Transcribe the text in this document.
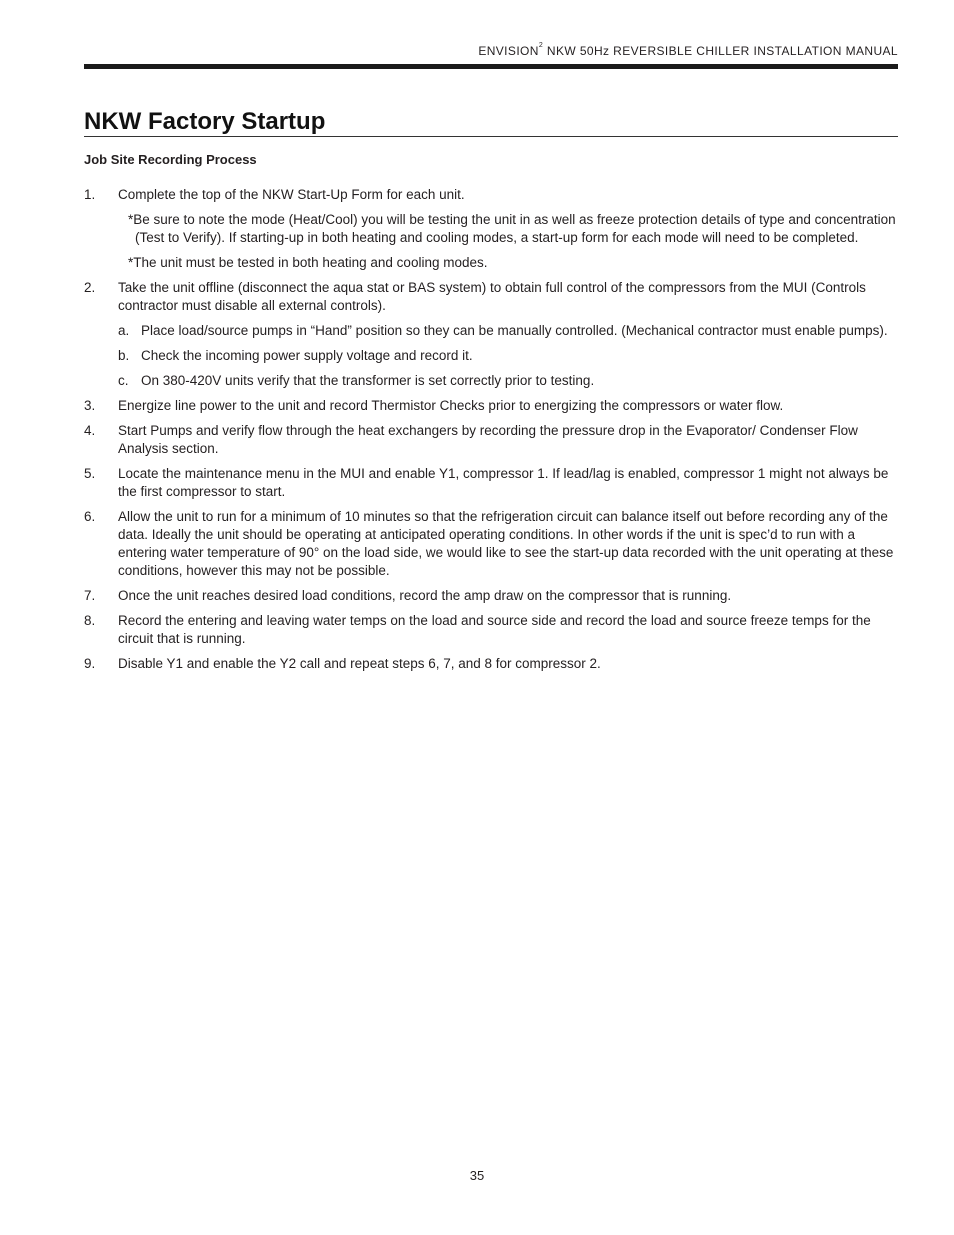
ENVISION$^2$ NKW 50Hz REVERSIBLE CHILLER INSTALLATION MANUAL
NKW Factory Startup
Job Site Recording Process
1. Complete the top of the NKW Start-Up Form for each unit.
*Be sure to note the mode (Heat/Cool) you will be testing the unit in as well as freeze protection details of type and concentration (Test to Verify). If starting-up in both heating and cooling modes, a start-up form for each mode will need to be completed.
*The unit must be tested in both heating and cooling modes.
2. Take the unit offline (disconnect the aqua stat or BAS system) to obtain full control of the compressors from the MUI (Controls contractor must disable all external controls).
a. Place load/source pumps in “Hand” position so they can be manually controlled. (Mechanical contractor must enable pumps).
b. Check the incoming power supply voltage and record it.
c. On 380-420V units verify that the transformer is set correctly prior to testing.
3. Energize line power to the unit and record Thermistor Checks prior to energizing the compressors or water flow.
4. Start Pumps and verify flow through the heat exchangers by recording the pressure drop in the Evaporator/ Condenser Flow Analysis section.
5. Locate the maintenance menu in the MUI and enable Y1, compressor 1. If lead/lag is enabled, compressor 1 might not always be the first compressor to start.
6. Allow the unit to run for a minimum of 10 minutes so that the refrigeration circuit can balance itself out before recording any of the data. Ideally the unit should be operating at anticipated operating conditions. In other words if the unit is spec’d to run with a entering water temperature of 90° on the load side, we would like to see the start-up data recorded with the unit operating at these conditions, however this may not be possible.
7. Once the unit reaches desired load conditions, record the amp draw on the compressor that is running.
8. Record the entering and leaving water temps on the load and source side and record the load and source freeze temps for the circuit that is running.
9. Disable Y1 and enable the Y2 call and repeat steps 6, 7, and 8 for compressor 2.
35
